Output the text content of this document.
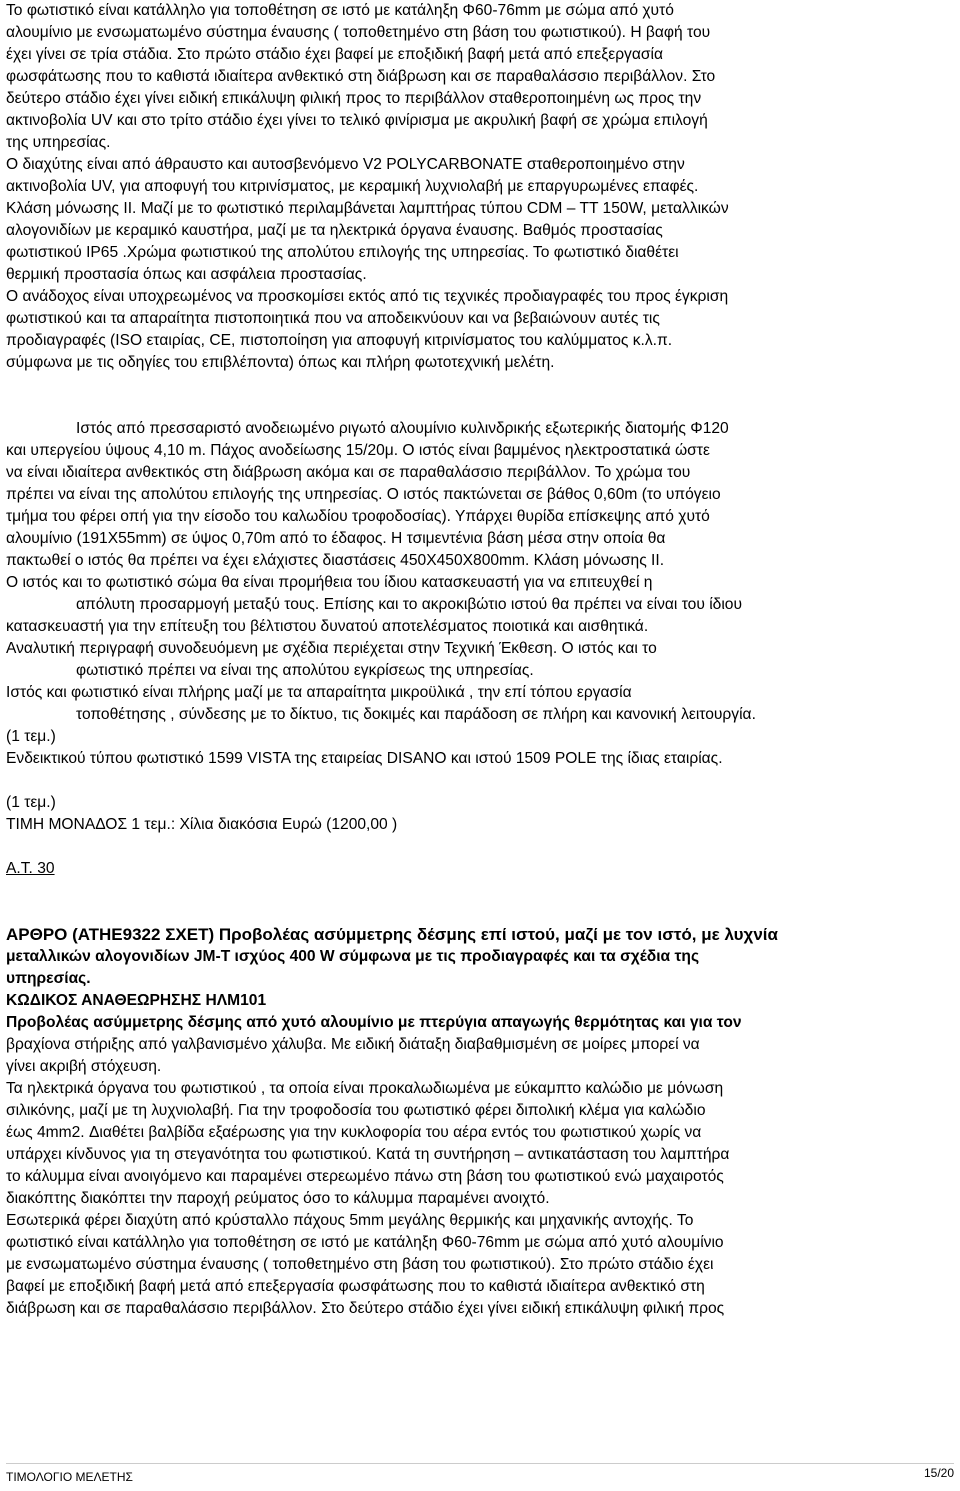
Το φωτιστικό είναι κατάλληλο για τοποθέτηση σε ιστό με κατάληξη Φ60-76mm με σώμα από χυτό
αλουμίνιο με ενσωματωμένο σύστημα έναυσης ( τοποθετημένο στη βάση του φωτιστικού). Η βαφή του
έχει γίνει σε τρία στάδια. Στο πρώτο στάδιο έχει βαφεί με εποξιδική βαφή μετά από επεξεργασία
φωσφάτωσης που το καθιστά ιδιαίτερα ανθεκτικό στη διάβρωση και σε παραθαλάσσιο περιβάλλον. Στο
δεύτερο στάδιο έχει γίνει ειδική επικάλυψη φιλική προς το περιβάλλον σταθεροποιημένη ως προς την
ακτινοβολία UV και στο τρίτο στάδιο έχει γίνει το τελικό φινίρισμα με ακρυλική βαφή σε χρώμα επιλογή
της υπηρεσίας.
Ο διαχύτης είναι από άθραυστο και αυτοσβενόμενο V2 POLYCARBONATE σταθεροποιημένο στην
ακτινοβολία UV, για αποφυγή του κιτρινίσματος, με κεραμική λυχνιολαβή με επαργυρωμένες επαφές.
Κλάση μόνωσης ΙΙ. Μαζί με το φωτιστικό περιλαμβάνεται λαμπτήρας τύπου CDM – TT 150W, μεταλλικών
αλογονιδίων με κεραμικό καυστήρα, μαζί με τα ηλεκτρικά όργανα έναυσης. Βαθμός προστασίας
φωτιστικού IP65 .Χρώμα φωτιστικού της απολύτου επιλογής της υπηρεσίας. Το φωτιστικό διαθέτει
θερμική προστασία όπως και ασφάλεια προστασίας.
Ο ανάδοχος είναι υποχρεωμένος να προσκομίσει εκτός από τις τεχνικές προδιαγραφές του προς έγκριση
φωτιστικού και τα απαραίτητα πιστοποιητικά που να αποδεικνύουν και να βεβαιώνουν αυτές τις
προδιαγραφές (ISO εταιρίας, CE, πιστοποίηση για αποφυγή κιτρινίσματος του καλύμματος κ.λ.π.
σύμφωνα με τις οδηγίες του επιβλέποντα) όπως και πλήρη φωτοτεχνική μελέτη.
Ιστός από πρεσσαριστό ανοδειωμένο ριγωτό αλουμίνιο κυλινδρικής εξωτερικής διατομής Φ120
και υπεργείου ύψους 4,10 m. Πάχος ανοδείωσης 15/20μ. Ο ιστός είναι βαμμένος ηλεκτροστατικά ώστε
να είναι ιδιαίτερα ανθεκτικός στη διάβρωση ακόμα και σε παραθαλάσσιο περιβάλλον. Το χρώμα του
πρέπει να είναι της απολύτου επιλογής της υπηρεσίας. Ο ιστός πακτώνεται σε βάθος 0,60m (το υπόγειο
τμήμα του φέρει οπή για την είσοδο του καλωδίου τροφοδοσίας). Υπάρχει θυρίδα επίσκεψης από χυτό
αλουμίνιο (191Χ55mm) σε ύψος 0,70m από το έδαφος. Η τσιμεντένια βάση μέσα στην οποία θα
πακτωθεί ο ιστός θα πρέπει να έχει ελάχιστες διαστάσεις 450Χ450Χ800mm. Κλάση μόνωσης ΙΙ.
Ο ιστός και το φωτιστικό σώμα θα είναι προμήθεια του ίδιου κατασκευαστή για να επιτευχθεί η
απόλυτη προσαρμογή μεταξύ τους. Επίσης και το ακροκιβώτιο ιστού θα πρέπει να είναι του ίδιου
κατασκευαστή για την επίτευξη του βέλτιστου δυνατού αποτελέσματος ποιοτικά και αισθητικά.
Αναλυτική περιγραφή συνοδευόμενη με σχέδια περιέχεται στην Τεχνική Έκθεση. Ο ιστός και το
φωτιστικό πρέπει να είναι της απολύτου εγκρίσεως της υπηρεσίας.
Ιστός και φωτιστικό είναι πλήρης μαζί με τα απαραίτητα μικροϋλικά , την επί τόπου εργασία
τοποθέτησης , σύνδεσης με το δίκτυο, τις δοκιμές και παράδοση σε πλήρη και κανονική λειτουργία.
(1 τεμ.)
Ενδεικτικού τύπου φωτιστικό 1599 VISTA της εταιρείας DISANO και ιστού 1509 POLE της ίδιας εταιρίας.
(1 τεμ.)
ΤΙΜΗ ΜΟΝΑΔΟΣ 1 τεμ.: Χίλια διακόσια Ευρώ (1200,00 )
Α.Τ. 30
ΑΡΘΡΟ (ΑΤΗΕ9322 ΣΧΕΤ) Προβολέας ασύμμετρης δέσμης επί ιστού, μαζί με τον ιστό, με λυχνία
μεταλλικών αλογονιδίων JM-T ισχύος 400 W σύμφωνα με τις προδιαγραφές και τα σχέδια της
υπηρεσίας.
ΚΩΔΙΚΟΣ ΑΝΑΘΕΩΡΗΣΗΣ ΗΛΜ101
Προβολέας ασύμμετρης δέσμης από χυτό αλουμίνιο με πτερύγια απαγωγής θερμότητας και για τον
βραχίονα στήριξης από γαλβανισμένο χάλυβα. Με ειδική διάταξη διαβαθμισμένη σε μοίρες μπορεί να
γίνει ακριβή στόχευση.
Τα ηλεκτρικά όργανα του φωτιστικού , τα οποία είναι προκαλωδιωμένα με εύκαμπτο καλώδιο με μόνωση
σιλικόνης, μαζί με τη λυχνιολαβή. Για την τροφοδοσία του φωτιστικό φέρει διπολική κλέμα για καλώδιο
έως 4mm2. Διαθέτει βαλβίδα εξαέρωσης για την κυκλοφορία του αέρα εντός του φωτιστικού χωρίς να
υπάρχει κίνδυνος για τη στεγανότητα του φωτιστικού. Κατά τη συντήρηση – αντικατάσταση του λαμπτήρα
το κάλυμμα είναι ανοιγόμενο και παραμένει στερεωμένο πάνω στη βάση του φωτιστικού ενώ μαχαιροτός
διακόπτης διακόπτει την παροχή ρεύματος όσο το κάλυμμα παραμένει ανοιχτό.
Εσωτερικά φέρει διαχύτη από κρύσταλλο πάχους 5mm μεγάλης θερμικής και μηχανικής αντοχής. Το
φωτιστικό είναι κατάλληλο για τοποθέτηση σε ιστό με κατάληξη Φ60-76mm με σώμα από χυτό αλουμίνιο
με ενσωματωμένο σύστημα έναυσης ( τοποθετημένο στη βάση του φωτιστικού). Στο πρώτο στάδιο έχει
βαφεί με εποξιδική βαφή μετά από επεξεργασία φωσφάτωσης που το καθιστά ιδιαίτερα ανθεκτικό στη
διάβρωση και σε παραθαλάσσιο περιβάλλον. Στο δεύτερο στάδιο έχει γίνει ειδική επικάλυψη φιλική προς
ΤΙΜΟΛΟΓΙΟ ΜΕΛΕΤΗΣ	15/20
